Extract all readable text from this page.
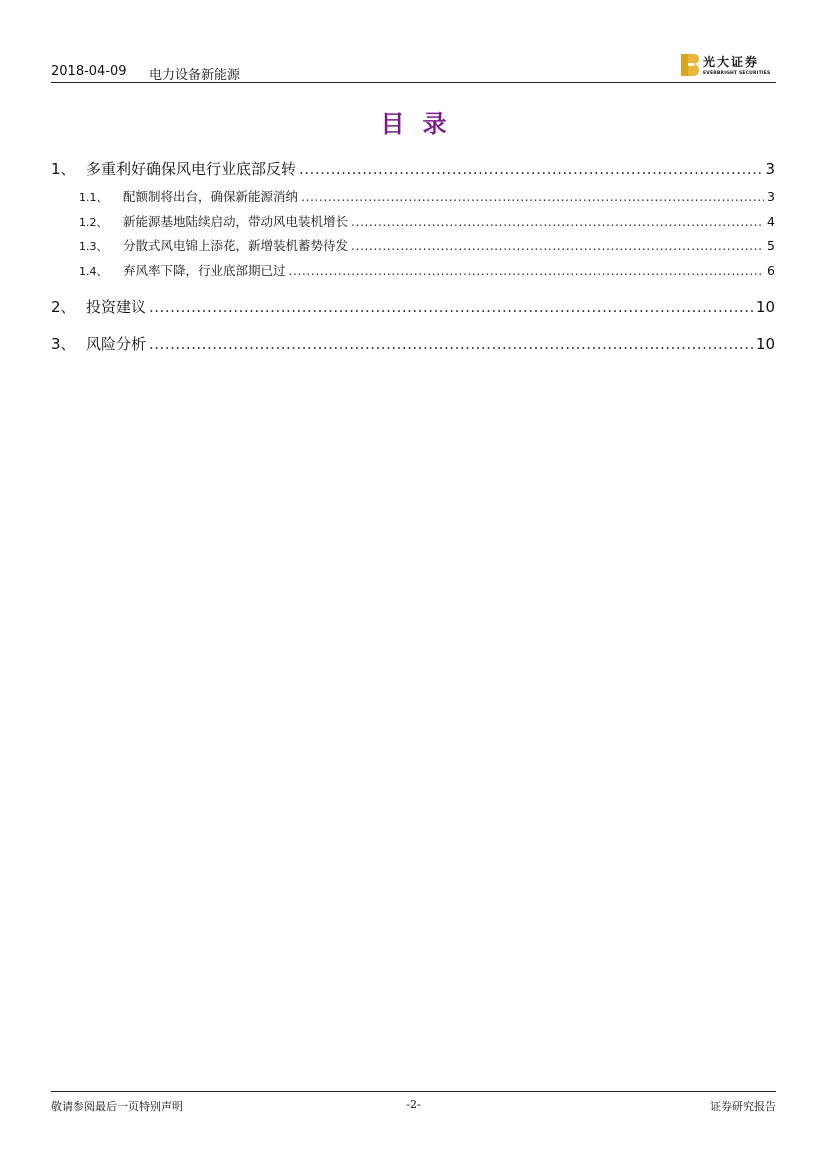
2018-04-09 电力设备新能源
光大证券
EVERBRIGHT SECURITIES
目录
1、 多重利好确保风电行业底部反转 .....	3
1.1、	配额制将出台，确保新能源消纳 .....	3
1.2、	新能源基地陆续启动，带动风电装机增长 .....	4
1.3、	分散式风电锦上添花，新增装机蓄势待发 .....	5
1.4、	弃风率下降，行业底部期已过 .....	6
2、 投资建议 .....	10
3、 风险分析 .....	10
敬请参阅最后一页特别声明	-2-	证券研究报告
